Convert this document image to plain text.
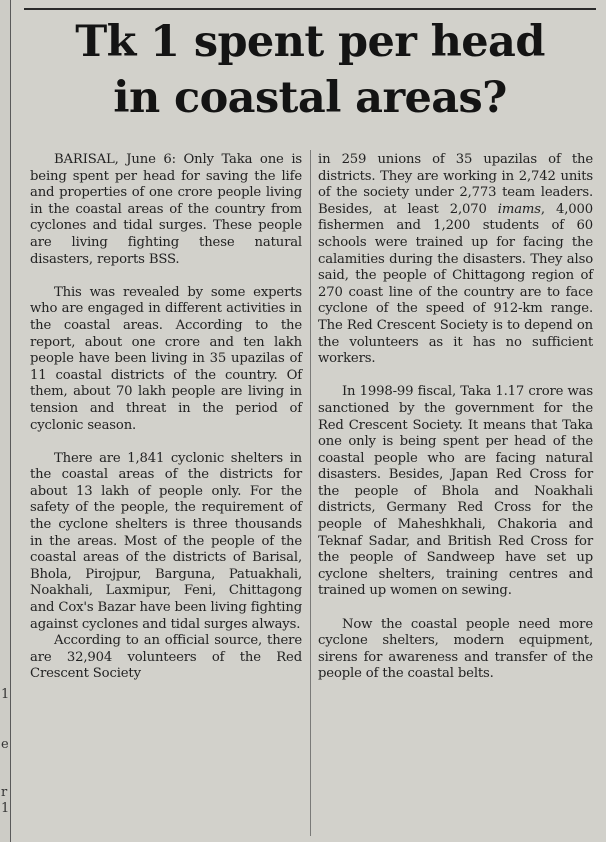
1
e
r
1
Tk 1 spent per head
in coastal areas?

BARISAL, June 6: Only Taka one is being spent per head for saving the life and properties of one crore people living in the coastal areas of the country from cyclones and tidal surges. These people are living fighting these natural disasters, reports BSS.

This was revealed by some experts who are engaged in different activities in the coastal areas. According to the report, about one crore and ten lakh people have been living in 35 upazilas of 11 coastal districts of the country. Of them, about 70 lakh people are living in tension and threat in the period of cyclonic season.

There are 1,841 cyclonic shelters in the coastal areas of the districts for about 13 lakh of people only. For the safety of the people, the requirement of the cyclone shelters is three thousands in the areas. Most of the people of the coastal areas of the districts of Barisal, Bhola, Pirojpur, Barguna, Patuakhali, Noakhali, Laxmipur, Feni, Chittagong and Cox's Bazar have been living fighting against cyclones and tidal surges always.

According to an official source, there are 32,904 volunteers of the Red Crescent Society

in 259 unions of 35 upazilas of the districts. They are working in 2,742 units of the society under 2,773 team leaders. Besides, at least 2,070 imams, 4,000 fishermen and 1,200 students of 60 schools were trained up for facing the calamities during the disasters. They also said, the people of Chittagong region of 270 coast line of the country are to face cyclone of the speed of 912-km range. The Red Crescent Society is to depend on the volunteers as it has no sufficient workers.

In 1998-99 fiscal, Taka 1.17 crore was sanctioned by the government for the Red Crescent Society. It means that Taka one only is being spent per head of the coastal people who are facing natural disasters. Besides, Japan Red Cross for the people of Bhola and Noakhali districts, Germany Red Cross for the people of Maheshkhali, Chakoria and Teknaf Sadar, and British Red Cross for the people of Sandweep have set up cyclone shelters, training centres and trained up women on sewing.

Now the coastal people need more cyclone shelters, modern equipment, sirens for awareness and transfer of the people of the coastal belts.
